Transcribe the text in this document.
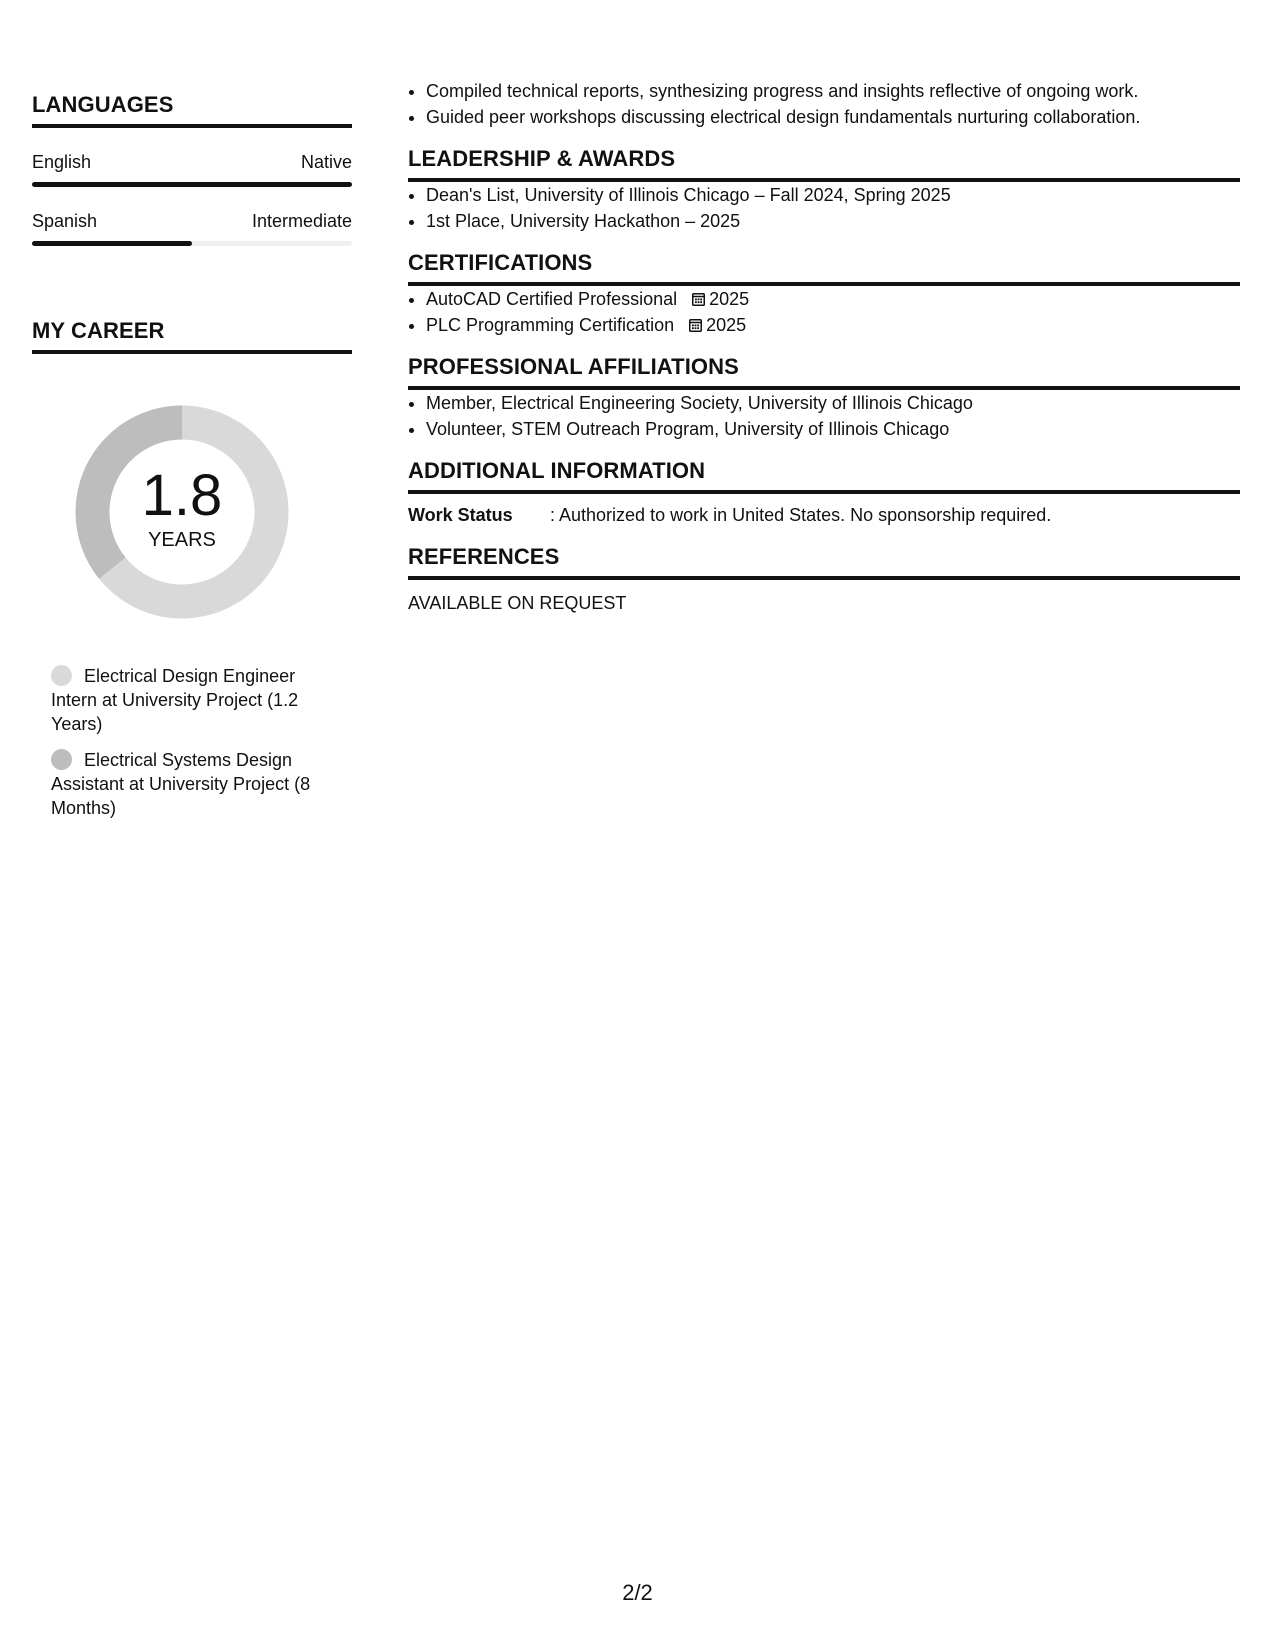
LANGUAGES
English	Native
Spanish	Intermediate
MY CAREER
1.8
YEARS
Electrical Design Engineer Intern at University Project (1.2 Years)
Electrical Systems Design Assistant at University Project (8 Months)
• Compiled technical reports, synthesizing progress and insights reflective of ongoing work.
• Guided peer workshops discussing electrical design fundamentals nurturing collaboration.
LEADERSHIP & AWARDS
• Dean's List, University of Illinois Chicago – Fall 2024, Spring 2025
• 1st Place, University Hackathon – 2025
CERTIFICATIONS
• AutoCAD Certified Professional 2025
• PLC Programming Certification 2025
PROFESSIONAL AFFILIATIONS
• Member, Electrical Engineering Society, University of Illinois Chicago
• Volunteer, STEM Outreach Program, University of Illinois Chicago
ADDITIONAL INFORMATION
Work Status	: Authorized to work in United States. No sponsorship required.
REFERENCES
AVAILABLE ON REQUEST
2/2
